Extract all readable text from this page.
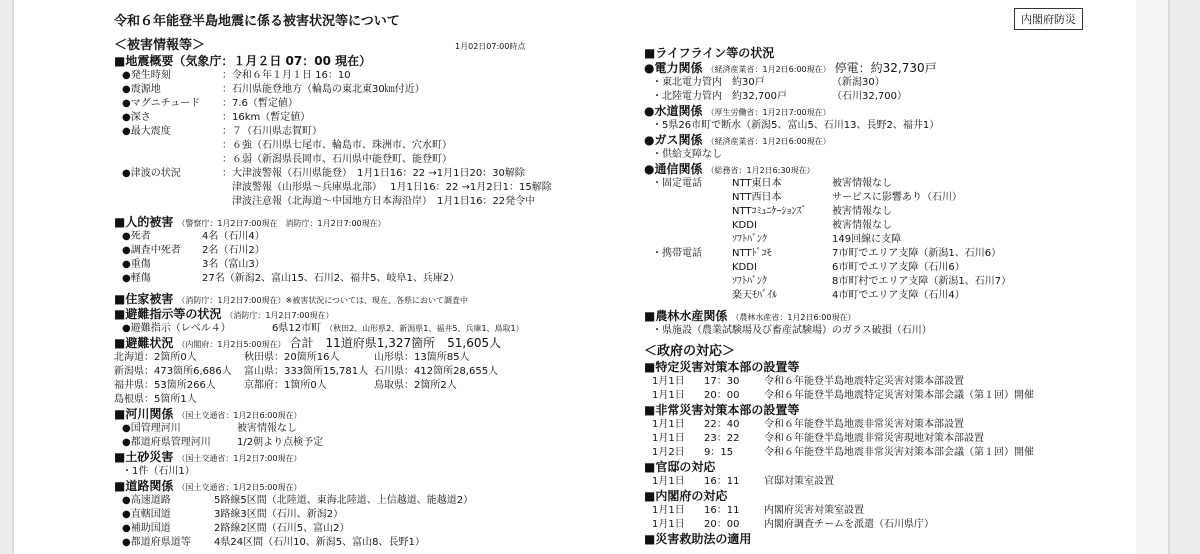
令和６年能登半島地震に係る被害状況等について	内閣府防災
＜被害情報等＞	1月02日07:00時点
■地震概要（気象庁：１月２日 07：00 現在）
●発生時刻	：令和６年１月１日 16：10
●震源地	：石川県能登地方（輪島の東北東30㎞付近）
●マグニチュード	：7.6（暫定値）
●深さ	：16km（暫定値）
●最大震度	：７（石川県志賀町）
：６強（石川県七尾市、輪島市、珠洲市、穴水町）
：６弱（新潟県長岡市、石川県中能登町、能登町）
●津波の状況	：大津波警報（石川県能登）　1月1日16：22 →1月1日20：30解除
　津波警報（山形県～兵庫県北部）　 1月1日16：22 →1月2日1：15解除
　津波注意報（北海道～中国地方日本海沿岸）　1月1日16：22発令中
■人的被害 （警察庁：1月2日7:00現在　消防庁：1月2日7:00現在）
●死者	4名（石川4）
●調査中死者	2名（石川2）
●重傷	3名（富山3）
●軽傷	27名（新潟2、富山15、石川2、福井5、岐阜1、兵庫2）
■住家被害 （消防庁：1月2日7:00現在）※被害状況については、現在、各県において調査中
■避難指示等の状況 （消防庁：1月2日7:00現在）
●避難指示（レベル４）	6県12市町 （秋田2、山形県2、新潟県1、福井5、兵庫1、鳥取1）
■避難状況 （内閣府：1月2日5:00現在） 合計　11道府県1,327箇所　51,605人
北海道：2箇所0人	秋田県：20箇所16人	山形県：13箇所85人
新潟県：473箇所6,686人	富山県：333箇所15,781人 石川県：412箇所28,655人
福井県：53箇所266人	京都府：1箇所0人	鳥取県：2箇所2人
島根県：5箇所1人
■河川関係 （国土交通省：1月2日6:00現在）
●国管理河川	被害情報なし
●都道府県管理河川	1/2朝より点検予定
■土砂災害 （国土交通省：1月2日7:00現在）
・1件（石川1）
■道路関係 （国土交通省：1月2日5:00現在）
●高速道路	5路線5区間（北陸道、東海北陸道、上信越道、能越道2）
●直轄国道	3路線3区間（石川、新潟2）
●補助国道	2路線2区間（石川5、富山2）
●都道府県道等	4県24区間（石川10、新潟5、富山8、長野1）
■ライフライン等の状況
●電力関係 （経済産業省：1月2日6:00現在） 停電：約32,730戸
・東北電力管内	約30戸	（新潟30）
・北陸電力管内	約32,700戸	（石川32,700）
●水道関係 （厚生労働省：1月2日7:00現在）
・5県26市町で断水（新潟5、富山5、石川13、長野2、福井1）
●ガス関係 （経済産業省：1月2日6:00現在）
・供給支障なし
●通信関係 （総務省：1月2日6:30現在）
・固定電話	NTT東日本	被害情報なし
NTT西日本	サービスに影響あり（石川）
NTTｺﾐｭﾆｹｰｼｮﾝｽﾞ	被害情報なし
KDDI	被害情報なし
ｿﾌﾄﾊﾞﾝｸ	149回線に支障
・携帯電話	NTTﾄﾞｺﾓ	7市町でエリア支障（新潟1、石川6）
KDDI	6市町でエリア支障（石川6）
ｿﾌﾄﾊﾞﾝｸ	8市町村でエリア支障（新潟1、石川7）
楽天ﾓﾊﾞｲﾙ	4市町でエリア支障（石川4）
■農林水産関係 （農林水産省：1月2日6:00現在）
・県施設（農業試験場及び畜産試験場）のガラス破損（石川）
＜政府の対応＞
■特定災害対策本部の設置等
1月1日	17：30	令和６年能登半島地震特定災害対策本部設置
1月1日	20：00	令和６年能登半島地震特定災害対策本部会議（第１回）開催
■非常災害対策本部の設置等
1月1日	22：40	令和６年能登半島地震非常災害対策本部設置
1月1日	23：22	令和６年能登半島地震非常災害現地対策本部設置
1月2日	9：15	令和６年能登半島地震非常災害対策本部会議（第１回）開催
■官邸の対応
1月1日	16：11	官邸対策室設置
■内閣府の対応
1月1日	16：11	内閣府災害対策室設置
1月1日	20：00	内閣府調査チームを派遣（石川県庁）
■災害救助法の適用
